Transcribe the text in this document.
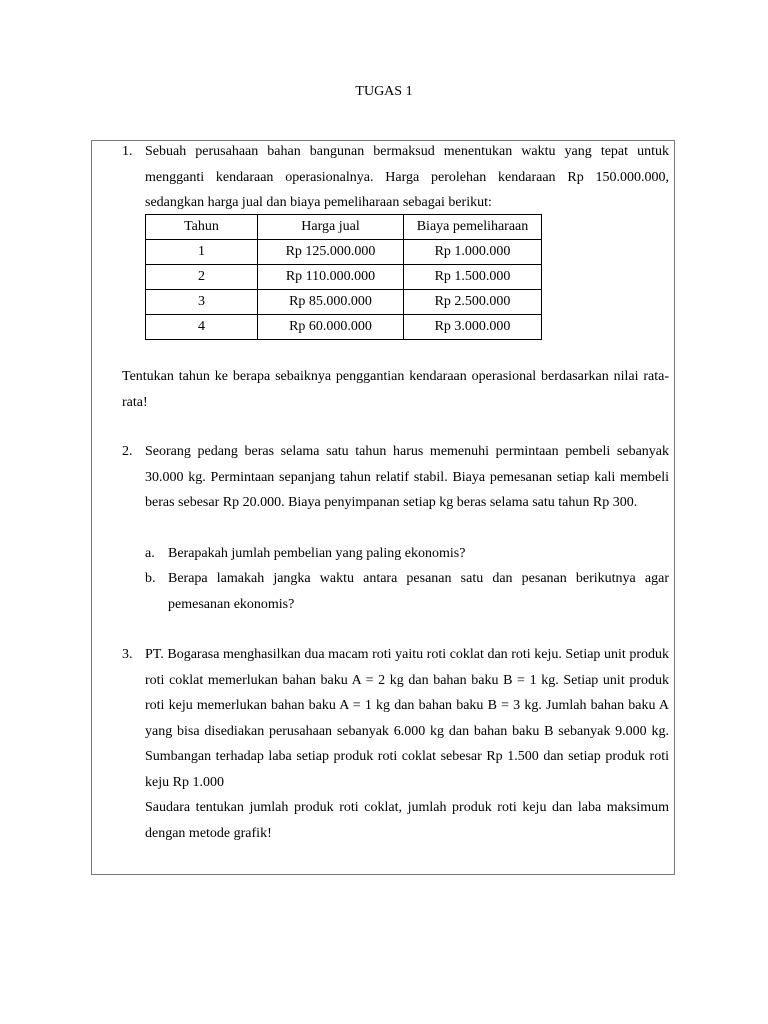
TUGAS 1
1. Sebuah perusahaan bahan bangunan bermaksud menentukan waktu yang tepat untuk mengganti kendaraan operasionalnya. Harga perolehan kendaraan Rp 150.000.000, sedangkan harga jual dan biaya pemeliharaan sebagai berikut:
Tahun	Harga jual	Biaya pemeliharaan
1	Rp 125.000.000	Rp 1.000.000
2	Rp 110.000.000	Rp 1.500.000
3	Rp 85.000.000	Rp 2.500.000
4	Rp 60.000.000	Rp 3.000.000
Tentukan tahun ke berapa sebaiknya penggantian kendaraan operasional berdasarkan nilai rata-rata!
2. Seorang pedang beras selama satu tahun harus memenuhi permintaan pembeli sebanyak 30.000 kg. Permintaan sepanjang tahun relatif stabil. Biaya pemesanan setiap kali membeli beras sebesar Rp 20.000. Biaya penyimpanan setiap kg beras selama satu tahun Rp 300.
a. Berapakah jumlah pembelian yang paling ekonomis?
b. Berapa lamakah jangka waktu antara pesanan satu dan pesanan berikutnya agar pemesanan ekonomis?
3. PT. Bogarasa menghasilkan dua macam roti yaitu roti coklat dan roti keju. Setiap unit produk roti coklat memerlukan bahan baku A = 2 kg dan bahan baku B = 1 kg. Setiap unit produk roti keju memerlukan bahan baku A = 1 kg dan bahan baku B = 3 kg. Jumlah bahan baku A yang bisa disediakan perusahaan sebanyak 6.000 kg dan bahan baku B sebanyak 9.000 kg. Sumbangan terhadap laba setiap produk roti coklat sebesar Rp 1.500 dan setiap produk roti keju Rp 1.000
Saudara tentukan jumlah produk roti coklat, jumlah produk roti keju dan laba maksimum dengan metode grafik!
